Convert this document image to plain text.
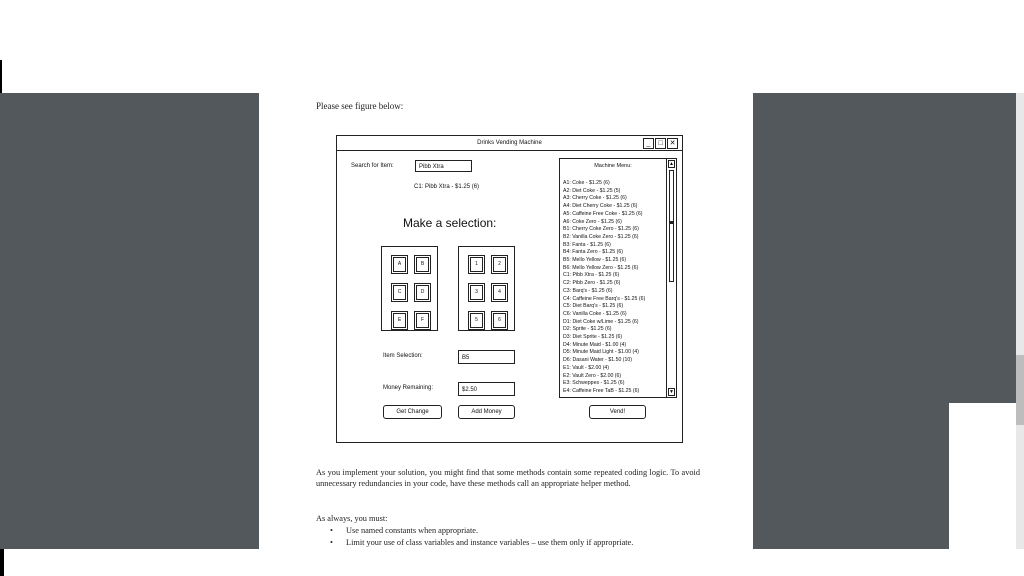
Please see figure below:
Drinks Vending Machine	_	□ ✕
Search for Item:	Pibb Xtra
C1: Pibb Xtra - $1.25 (6)
Make a selection:
A	B
C	D
E	F
1	2
3	4
5	6
Item Selection:	B5
Money Remaining:	$2.50
Get Change	Add Money	Vend!
Machine Menu:
A1: Coke - $1.25 (6)
A2: Diet Coke - $1.25 (5)
A3: Cherry Coke - $1.25 (6)
A4: Diet Cherry Coke - $1.25 (6)
A5: Caffeine Free Coke - $1.25 (6)
A6: Coke Zero - $1.25 (6)
B1: Cherry Coke Zero - $1.25 (6)
B2: Vanilla Coke Zero - $1.25 (6)
B3: Fanta - $1.25 (6)
B4: Fanta Zero - $1.25 (6)
B5: Mello Yellow - $1.25 (6)
B6: Mello Yellow Zero - $1.25 (6)
C1: Pibb Xtra - $1.25 (6)
C2: Pibb Zero - $1.25 (6)
C3: Barq's - $1.25 (6)
C4: Caffeine Free Barq's - $1.25 (6)
C5: Diet Barq's - $1.25 (6)
C6: Vanilla Coke - $1.25 (6)
D1: Diet Coke w/Lime - $1.25 (6)
D2: Sprite - $1.25 (6)
D3: Diet Sprite - $1.25 (6)
D4: Minute Maid - $1.00 (4)
D5: Minute Maid Light - $1.00 (4)
D6: Dasani Water - $1.50 (10)
E1: Vault - $2.00 (4)
E2: Vault Zero - $2.00 (6)
E3: Schweppes - $1.25 (6)
E4: Caffeine Free TaB - $1.25 (6)
▲
▼
As you implement your solution, you might find that some methods contain some repeated coding logic. To avoid unnecessary redundancies in your code, have these methods call an appropriate helper method.
As always, you must:
• Use named constants when appropriate.
• Limit your use of class variables and instance variables – use them only if appropriate.
